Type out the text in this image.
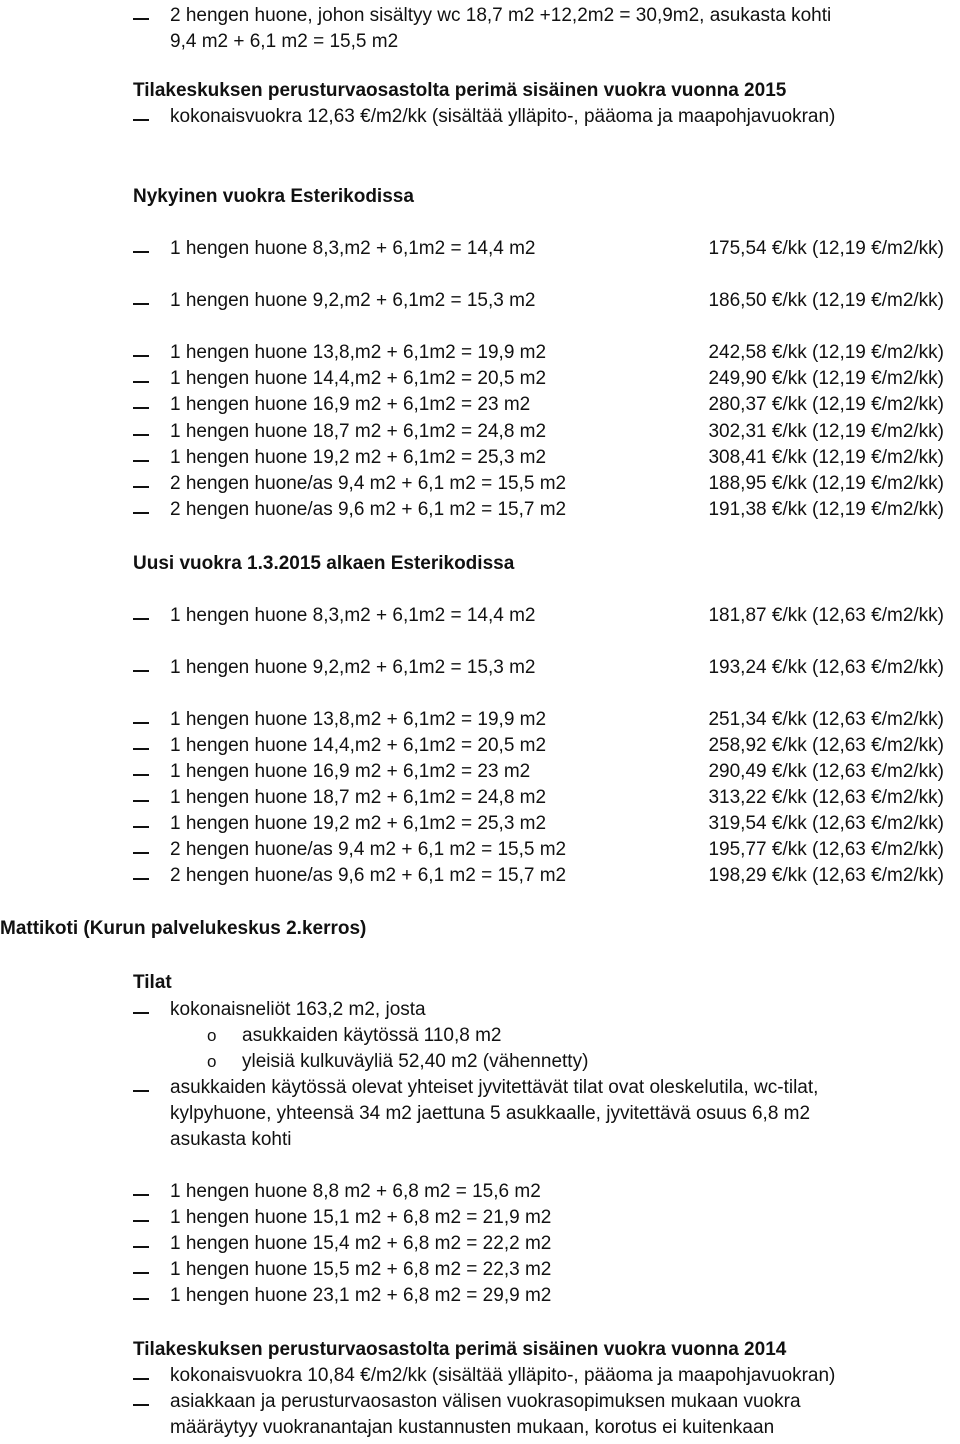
2 hengen huone, johon sisältyy wc 18,7 m2 +12,2m2 = 30,9m2, asukasta kohti
9,4 m2 + 6,1 m2 = 15,5 m2
Tilakeskuksen perusturvaosastolta perimä sisäinen vuokra vuonna 2015
kokonaisvuokra 12,63 €/m2/kk (sisältää ylläpito-, pääoma ja maapohjavuokran)
Nykyinen vuokra Esterikodissa
1 hengen huone 8,3,m2 + 6,1m2 = 14,4 m2	175,54 €/kk (12,19 €/m2/kk)
1 hengen huone 9,2,m2 + 6,1m2 = 15,3 m2	186,50 €/kk (12,19 €/m2/kk)
1 hengen huone 13,8,m2 + 6,1m2 = 19,9 m2	242,58 €/kk (12,19 €/m2/kk)
1 hengen huone 14,4,m2 + 6,1m2 = 20,5 m2	249,90 €/kk (12,19 €/m2/kk)
1 hengen huone 16,9 m2 + 6,1m2 = 23 m2	280,37 €/kk (12,19 €/m2/kk)
1 hengen huone 18,7 m2 + 6,1m2 = 24,8 m2	302,31 €/kk (12,19 €/m2/kk)
1 hengen huone 19,2 m2 + 6,1m2 = 25,3 m2	308,41 €/kk (12,19 €/m2/kk)
2 hengen huone/as 9,4 m2 + 6,1 m2 = 15,5 m2	188,95 €/kk (12,19 €/m2/kk)
2 hengen huone/as 9,6 m2 + 6,1 m2 = 15,7 m2	191,38 €/kk (12,19 €/m2/kk)
Uusi vuokra 1.3.2015 alkaen Esterikodissa
1 hengen huone 8,3,m2 + 6,1m2 = 14,4 m2	181,87 €/kk (12,63 €/m2/kk)
1 hengen huone 9,2,m2 + 6,1m2 = 15,3 m2	193,24 €/kk (12,63 €/m2/kk)
1 hengen huone 13,8,m2 + 6,1m2 = 19,9 m2	251,34 €/kk (12,63 €/m2/kk)
1 hengen huone 14,4,m2 + 6,1m2 = 20,5 m2	258,92 €/kk (12,63 €/m2/kk)
1 hengen huone 16,9 m2 + 6,1m2 = 23 m2	290,49 €/kk (12,63 €/m2/kk)
1 hengen huone 18,7 m2 + 6,1m2 = 24,8 m2	313,22 €/kk (12,63 €/m2/kk)
1 hengen huone 19,2 m2 + 6,1m2 = 25,3 m2	319,54 €/kk (12,63 €/m2/kk)
2 hengen huone/as 9,4 m2 + 6,1 m2 = 15,5 m2	195,77 €/kk (12,63 €/m2/kk)
2 hengen huone/as 9,6 m2 + 6,1 m2 = 15,7 m2	198,29 €/kk (12,63 €/m2/kk)
Mattikoti (Kurun palvelukeskus 2.kerros)
Tilat
kokonaisneliöt 163,2 m2, josta
o asukkaiden käytössä 110,8 m2
o yleisiä kulkuväyliä 52,40 m2 (vähennetty)
asukkaiden käytössä olevat yhteiset jyvitettävät tilat ovat oleskelutila, wc-tilat,
kylpyhuone, yhteensä 34 m2 jaettuna 5 asukkaalle, jyvitettävä osuus 6,8 m2
asukasta kohti
1 hengen huone 8,8 m2 + 6,8 m2 = 15,6 m2
1 hengen huone 15,1 m2 + 6,8 m2 = 21,9 m2
1 hengen huone 15,4 m2 + 6,8 m2 = 22,2 m2
1 hengen huone 15,5 m2 + 6,8 m2 = 22,3 m2
1 hengen huone 23,1 m2 + 6,8 m2 = 29,9 m2
Tilakeskuksen perusturvaosastolta perimä sisäinen vuokra vuonna 2014
kokonaisvuokra 10,84 €/m2/kk (sisältää ylläpito-, pääoma ja maapohjavuokran)
asiakkaan ja perusturvaosaston välisen vuokrasopimuksen mukaan vuokra
määräytyy vuokranantajan kustannusten mukaan, korotus ei kuitenkaan
